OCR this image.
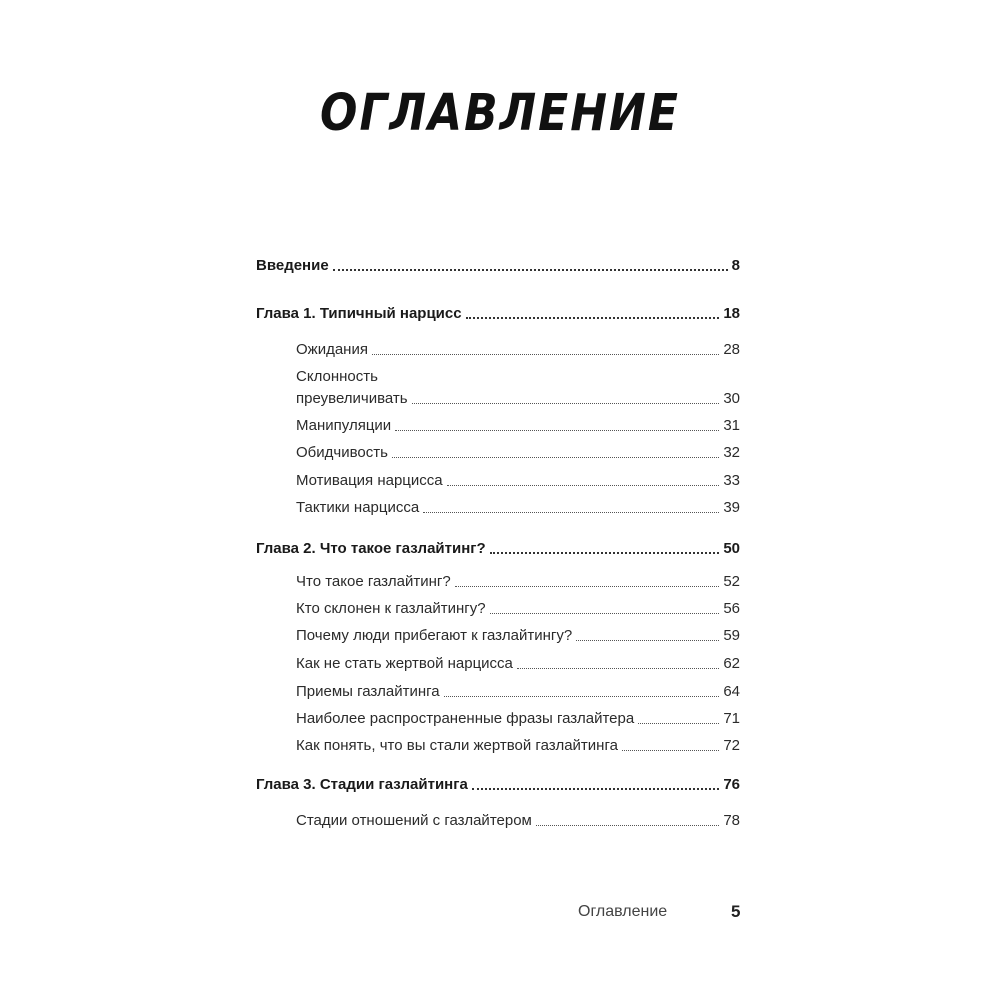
ОГЛАВЛЕНИЕ
Введение	8
Глава 1. Типичный нарцисс	18
Ожидания	28
Склонность
преувеличивать	30
Манипуляции	31
Обидчивость	32
Мотивация нарцисса	33
Тактики нарцисса	39
Глава 2. Что такое газлайтинг?	50
Что такое газлайтинг?	52
Кто склонен к газлайтингу?	56
Почему люди прибегают к газлайтингу?	59
Как не стать жертвой нарцисса	62
Приемы газлайтинга	64
Наиболее распространенные фразы газлайтера	71
Как понять, что вы стали жертвой газлайтинга	72
Глава 3. Стадии газлайтинга	76
Стадии отношений с газлайтером	78
Оглавление	5
